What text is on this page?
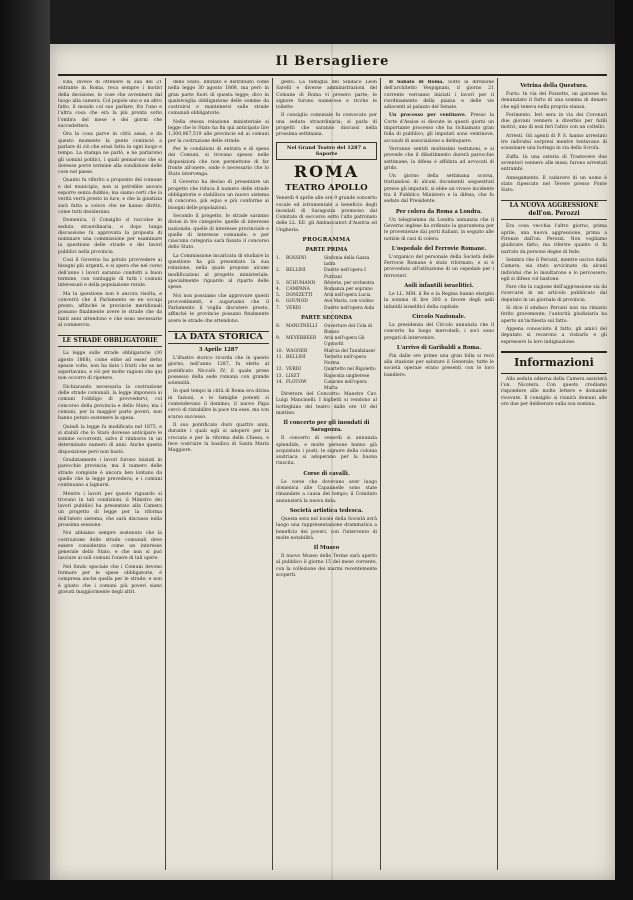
Il Bersagliere

Ella, invece di ottenere la sua del 21 entrante in Roma, reca sempre i motivi della decisione, le cose che avvennero dal luogo alla camera. Col popolo uno e un altro fatto, il mondo col suo parlare, fra l'uno e l'altra cosa che era la più pronta sotto l'ombra del mese e dei giorni che succedettero.

Ora la cosa parve in città assai, e da questo momento la gente cominciò a parlare di ciò che erasi fatto in ogni luogo e tempo. La stampa ne parlò, e ne parlarono gli uomini politici, i quali pensarono che si dovesse porre termine alla condizione delle cose nel paese.

Quanto fu riferito a proposito del comune e del municipio, non si potrebbe ancora esporre senza dubbio; ma siamo certi che la verità verrà presto in luce, e che la giustizia sarà fatta a coloro che ne hanno diritto, come tutti desiderano.

Domenica, il Consiglio si raccolse in seduta straordinaria, e dopo lunga discussione fu approvata la proposta di nominare una commissione per esaminare la questione delle strade e dei lavori pubblici nella provincia.

Così il Governo ha potuto provvedere ai bisogni più urgenti, e si spera che nel corso dell'anno i lavori saranno condotti a buon termine, con vantaggio di tutti i comuni interessati e della popolazione rurale.

Ma la questione non è ancora risolta, e converrà che il Parlamento se ne occupi presto, affinché le provincie meridionali possano finalmente avere le strade che da tanti anni attendono e che sono necessarie al commercio.

LE STRADE OBBLIGATORIE

La legge sulle strade obbligatorie (30 agosto 1868), come ebbe ad esser detto spesse volte, non ha dato i frutti che se ne aspettavano, e ciò per molte ragioni che qui non occorre di ripetere.

Dichiarando necessaria la costruzione delle strade comunali, la legge imponeva ai comuni l'obbligo di provvedervi, col concorso della provincia e dello Stato; ma i comuni, per la maggior parte poveri, non hanno potuto sostenere la spesa.

Quindi la legge fu modificata nel 1875, e si stabilì che lo Stato dovesse anticipare le somme occorrenti, salvo il rimborso in un determinato numero di anni. Anche questa disposizione però non bastò.

Gradatamente i lavori furono iniziati in parecchie provincie, ma il numero delle strade compiute è ancora ben lontano da quello che la legge prevedeva; e i comuni continuano a lagnarsi.

Mentre i lavori per questo riguardo si trovano in tali condizioni, il Ministro dei lavori pubblici ha presentato alla Camera un progetto di legge per la riforma dell'intero sistema, che sarà discusso nella prossima sessione.

Noi abbiamo sempre sostenuto che la costruzione delle strade comunali deve essere considerata come un interesse generale dello Stato, e che non si può lasciare ai soli comuni l'onere di tali opere.

Nel fondo speciale che i Comuni devono formare per le spese obbligatorie, è compresa anche quella per le strade; e non è giusto che i comuni più poveri siano gravati maggiormente degli altri.

dello Stato, limitato e distribuito come nella legge 30 agosto 1868, ma però in gran parte fuori di questa legge; dico in qualsivoglia obbligazione delle somme da costruirsi e mantenersi sulle strade comunali obbligatorie.

Nella stessa relazione ministeriale si legge che lo Stato ha fin qui anticipato lire 1,300,067,519 alle provincie ed ai comuni per la costruzione delle strade.

Per le condizioni di entrata e di spesa dei Comuni, si trovano spesso nelle disposizioni che non permettono di far fronte all'onere, onde è necessario che lo Stato intervenga.

Il Governo ha deciso di presentare un progetto che riduca il numero delle strade obbligatorie e stabilisca un nuovo sistema di concorso, più equo e più conforme ai bisogni delle popolazioni.

Secondo il progetto, le strade saranno divise in tre categorie: quelle di interesse nazionale, quelle di interesse provinciale e quelle di interesse comunale; e per ciascuna categoria sarà fissato il concorso dello Stato.

La Commissione incaricata di studiare la questione ha già presentato la sua relazione, nella quale propone alcune modificazioni al progetto ministeriale, specialmente riguardo al riparto delle spese.

Noi non possiamo che approvare questi provvedimenti, e auguriamo che il Parlamento li voglia discutere presto, affinché le provincie possano finalmente avere le strade che attendono.

LA DATA STORICA
3 Aprile 1287

L'illustre storico ricorda che in questo giorno, nell'anno 1287, fu eletto al pontificato Niccolò IV, il quale prese possesso della sede romana con grande solennità.

In quel tempo la città di Roma era divisa in fazioni, e le famiglie potenti si contendevano il dominio; il nuovo Papa cercò di ristabilire la pace tra esse, ma con scarso successo.

Il suo pontificato durò quattro anni, durante i quali egli si adoperò per la crociata e per la riforma della Chiesa, e fece costruire la basilica di Santa Maria Maggiore.

gesto. La famiglia del Sindaco Leon Sarelli e diverse amministrazioni del Comune di Roma vi presero parte; le signore furono numerose e ricche le toilette.

Il consiglio comunale fu convocato per una seduta straordinaria; si parla di progetti che saranno discussi nella prossima settimana.

Nel Grand Teatro del 1287 a Saporte
ROMA
TEATRO APOLLO

Venerdì 4 aprile alle ore 9 grande concerto vocale ed istrumentale a beneficio degli inondati di Saragozza promosso dal Comitato di soccorso sotto l'alto patronato delle LL. EE. gli Ambasciatori d'Austria ed Ungheria.

PROGRAMMA
PARTE PRIMA
1.	ROSSINI	Sinfonia della Gazza ladra
2.	BELLINI	Duetto nell'opera I Puritani
3.	SCHUMANN	Rêverie, per orchestra
4.	CAMPANA	Romanza per soprano
5.	DONIZETTI	Aria nell'opera Lucia
6.	GOUNOD	Ave Maria, con violino
7.	VERDI	Duetto nell'opera Aida
PARTE SECONDA
8.	MANCINELLI	Ouverture del Cola di Rienzo
9.	MEYERBEER	Aria nell'opera Gli Ugonotti
10. WAGNER	Marcia del Tannhäuser
11. BELLINI	Terzetto nell'opera Norma
12. VERDI	Quartetto nel Rigoletto
13. LISZT	Rapsodia ungherese
14. FLOTOW	Canzone nell'opera Marta

Direttore del Concerto: Maestro Cav. Luigi Mancinelli. I biglietti si vendono al botteghino del teatro dalle ore 10 del mattino.

Il concerto per gli inondati di Saragozza.

Il concerto di venerdì si annunzia splendido, e molte persone hanno già acquistato i posti; le signore della colonia austriaca si adoperano per la buona riuscita.

Corse di cavalli.

Le corse che dovevano aver luogo domenica alle Capannelle sono state rimandate a causa del tempo; il Comitato annunzierà la nuova data.

Società artistica tedesca.

Questa sera nel locale della Società avrà luogo una rappresentazione drammatica a beneficio dei poveri, con l'intervento di molte notabilità.

Il Museo

Il nuovo Museo delle Terme sarà aperto al pubblico il giorno 15 del mese corrente, con la collezione dei marmi recentemente scoperti.

Il Sabato di Roma. Sotto la direzione dell'architetto Vespignani, il giorno 21 corrente verranno iniziati i lavori per il riordinamento della piazza e delle vie adiacenti al palazzo del Senato.

Un processo per ventinove. Presso la Corte d'Assise si discute in questi giorni un importante processo che ha richiamato gran folla di pubblico; gli imputati sono ventinove, accusati di associazione a delinquere.

Verranno sentiti moltissimi testimoni, e si prevede che il dibattimento durerà parecchie settimane; la difesa è affidata ad avvocati di grido.

Un giorno della settimana scorsa, trattandosi di alcuni documenti sequestrati presso gli imputati, si ebbe un vivace incidente tra il Pubblico Ministero e la difesa, che fu sedato dal Presidente.

Per colera da Roma a Londra.

Un telegramma da Londra annunzia che il Governo inglese ha ordinato la quarantena per le provenienze dai porti italiani, in seguito alle notizie di casi di colera.

L'ospedale del Ferrovie Romane.

L'organico del personale della Società delle Ferrovie Romane è stato riformato, e si è provveduto all'istituzione di un ospedale per i ferrovieri.

Asili infantili israelitici.

Le LL. MM. il Re e la Regina hanno elargito la somma di lire 300 a favore degli asili infantili israelitici della capitale.

Circolo Nazionale.

La presidenza del Circolo annunzia che il concerto ha luogo mercoledì; i soci sono pregati di intervenire.

L'arrivo di Garibaldi a Roma.

Fin dalle ore prime una gran folla si recò alla stazione per salutare il Generale; tutte le società operaie erano presenti con le loro bandiere.

Vetrina della Questura.

Furto. In via del Pozzetto, un garzone ha denunziato il furto di una somma di denaro che egli teneva nella propria stanza.

Ferimento. Ieri sera in via dei Coronari due giovani vennero a diverbio per futili motivi; uno di essi ferì l'altro con un coltello.

Arresti. Gli agenti di P. S. hanno arrestato tre individui sorpresi mentre tentavano di scassinare una bottega in via della Scrofa.

Zuffa. In una osteria di Trastevere due avventori vennero alle mani; furono arrestati entrambi.

Annegamento. Il cadavere di un uomo è stato ripescato nel Tevere presso Ponte Sisto.

LA NUOVA AGGRESSIONE dell'on. Perozzi

Era cosa vecchia l'altro giorno, prima aprile, una nuova aggressione, prima a Firenze dall'on. Perozzi. Non vogliamo giudicare fatto, ma riferire quanto ci fu narrato da persone degne di fede.

Sembra che il Perozzi, mentre usciva dalla Camera, sia stato avvicinato da alcuni individui che lo insultarono e lo percossero; egli si difese col bastone.

Pare che la cagione dell'aggressione sia da ricercarsi in un articolo pubblicato dal deputato in un giornale di provincia.

Si dice il sindaco Perozzi non sia rimasto ferito gravemente; l'autorità giudiziaria ha aperto un'inchiesta sul fatto.

Appena conosciuto il fatto, gli amici del deputato si recarono a visitarlo e gli espressero la loro indignazione.

Informazioni

Alla seduta odierna della Camera assisterà l'on. Nicotera. Con questo crediamo rispondere alle molte lettere e domande ricevute. Il consiglio si riunirà domani alle ore due per deliberare sulla sua nomina.
